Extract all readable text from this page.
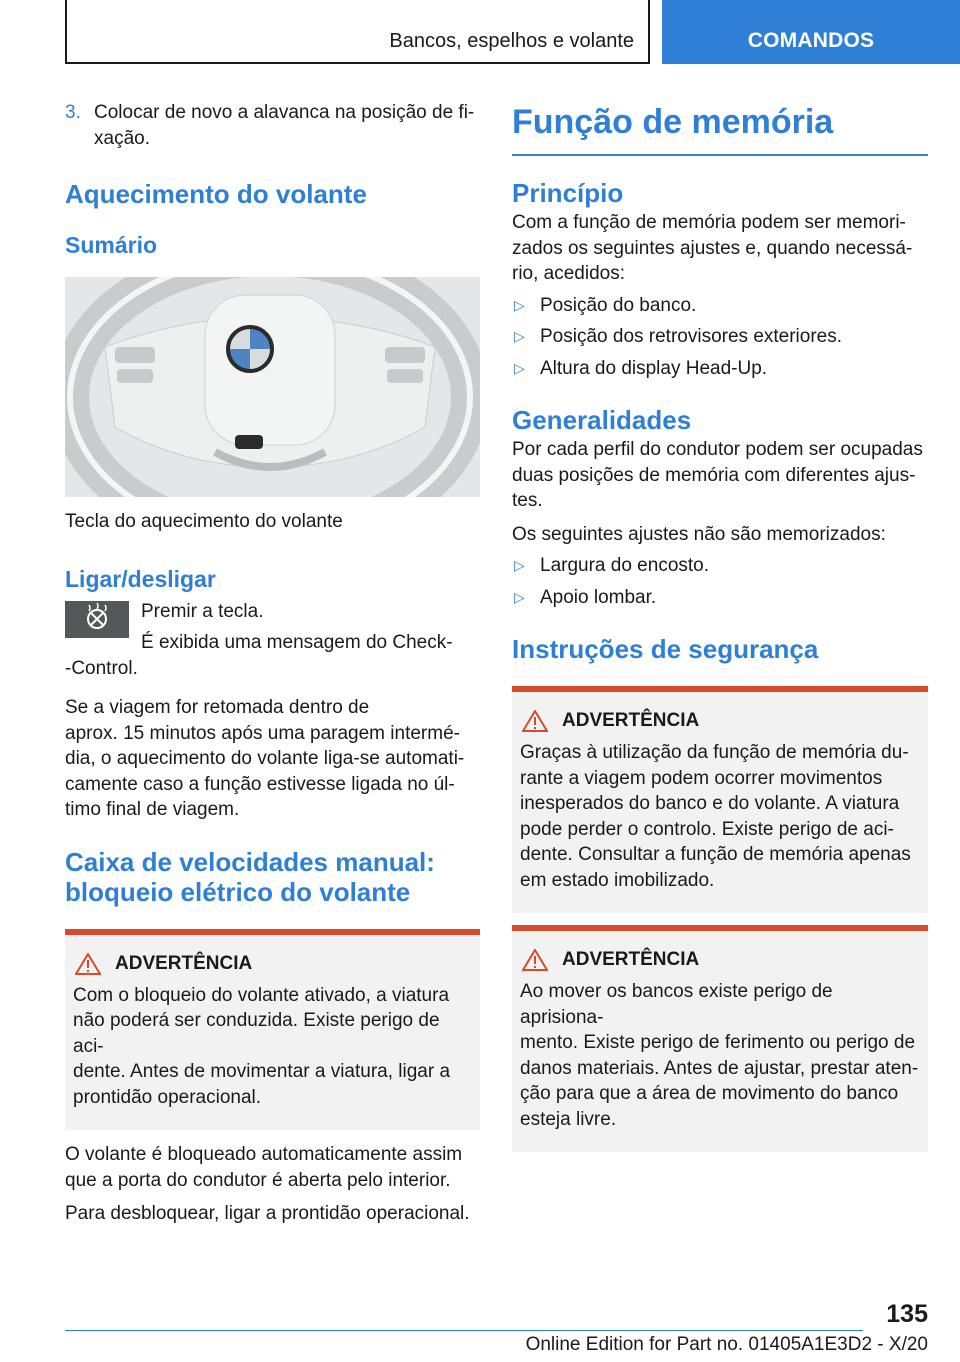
Bancos, espelhos e volante	COMANDOS
3. Colocar de novo a alavanca na posição de fi-
xação.
Aquecimento do volante
Sumário

Tecla do aquecimento do volante

Ligar/desligar

Premir a tecla.

É exibida uma mensagem do Check-
-Control.

Se a viagem for retomada dentro de
aprox. 15 minutos após uma paragem intermé-
dia, o aquecimento do volante liga-se automati-
camente caso a função estivesse ligada no úl-
timo final de viagem.

Caixa de velocidades manual:
bloqueio elétrico do volante
ADVERTÊNCIA

Com o bloqueio do volante ativado, a viatura
não poderá ser conduzida. Existe perigo de aci-
dente. Antes de movimentar a viatura, ligar a
prontidão operacional.

O volante é bloqueado automaticamente assim
que a porta do condutor é aberta pelo interior.

Para desbloquear, ligar a prontidão operacional.

Função de memória
Princípio

Com a função de memória podem ser memori-
zados os seguintes ajustes e, quando necessá-
rio, acedidos:

▷ Posição do banco.
▷ Posição dos retrovisores exteriores.
▷ Altura do display Head-Up.
Generalidades

Por cada perfil do condutor podem ser ocupadas
duas posições de memória com diferentes ajus-
tes.

Os seguintes ajustes não são memorizados:

▷ Largura do encosto.
▷ Apoio lombar.
Instruções de segurança
ADVERTÊNCIA

Graças à utilização da função de memória du-
rante a viagem podem ocorrer movimentos
inesperados do banco e do volante. A viatura
pode perder o controlo. Existe perigo de aci-
dente. Consultar a função de memória apenas
em estado imobilizado.

ADVERTÊNCIA

Ao mover os bancos existe perigo de aprisiona-
mento. Existe perigo de ferimento ou perigo de
danos materiais. Antes de ajustar, prestar aten-
ção para que a área de movimento do banco
esteja livre.

135
Online Edition for Part no. 01405A1E3D2 - X/20
